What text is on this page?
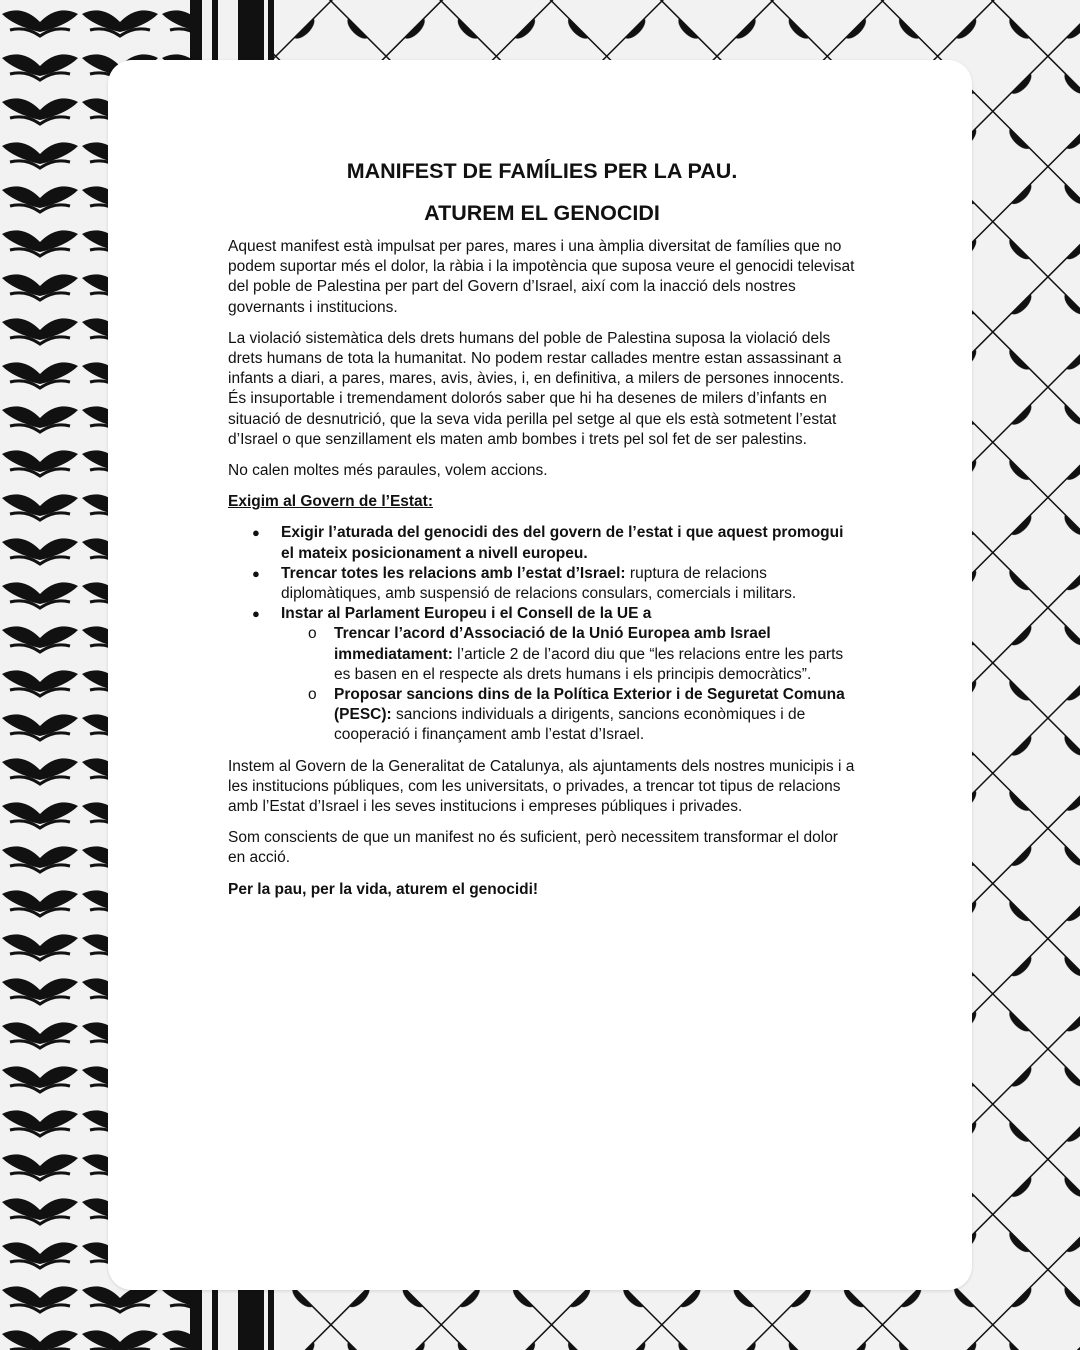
MANIFEST DE FAMÍLIES PER LA PAU.
ATUREM EL GENOCIDI

Aquest manifest està impulsat per pares, mares i una àmplia diversitat de famílies que no podem suportar més el dolor, la ràbia i la impotència que suposa veure el genocidi televisat del poble de Palestina per part del Govern d’Israel, així com la inacció dels nostres governants i institucions.

La violació sistemàtica dels drets humans del poble de Palestina suposa la violació dels drets humans de tota la humanitat. No podem restar callades mentre estan assassinant a infants a diari, a pares, mares, avis, àvies, i, en definitiva, a milers de persones innocents. És insuportable i tremendament dolorós saber que hi ha desenes de milers d’infants en situació de desnutrició, que la seva vida perilla pel setge al que els està sotmetent l’estat d’Israel o que senzillament els maten amb bombes i trets pel sol fet de ser palestins.

No calen moltes més paraules, volem accions.

Exigim al Govern de l’Estat:
● Exigir l’aturada del genocidi des del govern de l’estat i que aquest promogui el mateix posicionament a nivell europeu.
● Trencar totes les relacions amb l’estat d’Israel: ruptura de relacions diplomàtiques, amb suspensió de relacions consulars, comercials i militars.
● Instar al Parlament Europeu i el Consell de la UE a
o Trencar l’acord d’Associació de la Unió Europea amb Israel immediatament: l’article 2 de l’acord diu que “les relacions entre les parts es basen en el respecte als drets humans i els principis democràtics”.
o Proposar sancions dins de la Política Exterior i de Seguretat Comuna (PESC): sancions individuals a dirigents, sancions econòmiques i de cooperació i finançament amb l’estat d’Israel.

Instem al Govern de la Generalitat de Catalunya, als ajuntaments dels nostres municipis i a les institucions públiques, com les universitats, o privades, a trencar tot tipus de relacions amb l’Estat d’Israel i les seves institucions i empreses públiques i privades.

Som conscients de que un manifest no és suficient, però necessitem transformar el dolor en acció.

Per la pau, per la vida, aturem el genocidi!
